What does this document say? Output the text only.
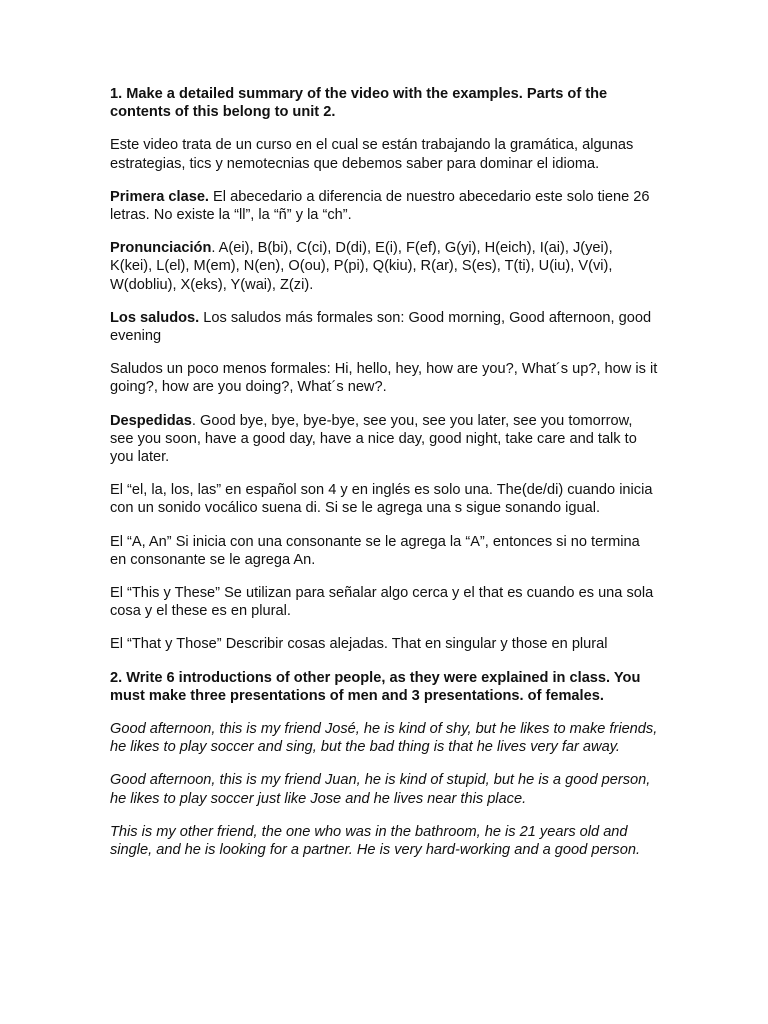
1. Make a detailed summary of the video with the examples. Parts of the contents of this belong to unit 2.

Este video trata de un curso en el cual se están trabajando la gramática, algunas estrategias, tics y nemotecnias que debemos saber para dominar el idioma.

Primera clase. El abecedario a diferencia de nuestro abecedario este solo tiene 26 letras. No existe la “ll”, la “ñ” y la “ch”.

Pronunciación. A(ei), B(bi), C(ci), D(di), E(i), F(ef), G(yi), H(eich), I(ai), J(yei), K(kei), L(el), M(em), N(en), O(ou), P(pi), Q(kiu), R(ar), S(es), T(ti), U(iu), V(vi), W(dobliu), X(eks), Y(wai), Z(zi).

Los saludos. Los saludos más formales son: Good morning, Good afternoon, good evening

Saludos un poco menos formales: Hi, hello, hey, how are you?, What´s up?, how is it going?, how are you doing?, What´s new?.

Despedidas. Good bye, bye, bye-bye, see you, see you later, see you tomorrow, see you soon, have a good day, have a nice day, good night, take care and talk to you later.

El “el, la, los, las” en español son 4 y en inglés es solo una. The(de/di) cuando inicia con un sonido vocálico suena di. Si se le agrega una s sigue sonando igual.

El “A, An” Si inicia con una consonante se le agrega la “A”, entonces si no termina en consonante se le agrega An.

El “This y These” Se utilizan para señalar algo cerca y el that es cuando es una sola cosa y el these es en plural.

El “That y Those” Describir cosas alejadas. That en singular y those en plural

2. Write 6 introductions of other people, as they were explained in class. You must make three presentations of men and 3 presentations. of females.

Good afternoon, this is my friend José, he is kind of shy, but he likes to make friends, he likes to play soccer and sing, but the bad thing is that he lives very far away.

Good afternoon, this is my friend Juan, he is kind of stupid, but he is a good person, he likes to play soccer just like Jose and he lives near this place.

This is my other friend, the one who was in the bathroom, he is 21 years old and single, and he is looking for a partner. He is very hard-working and a good person.
